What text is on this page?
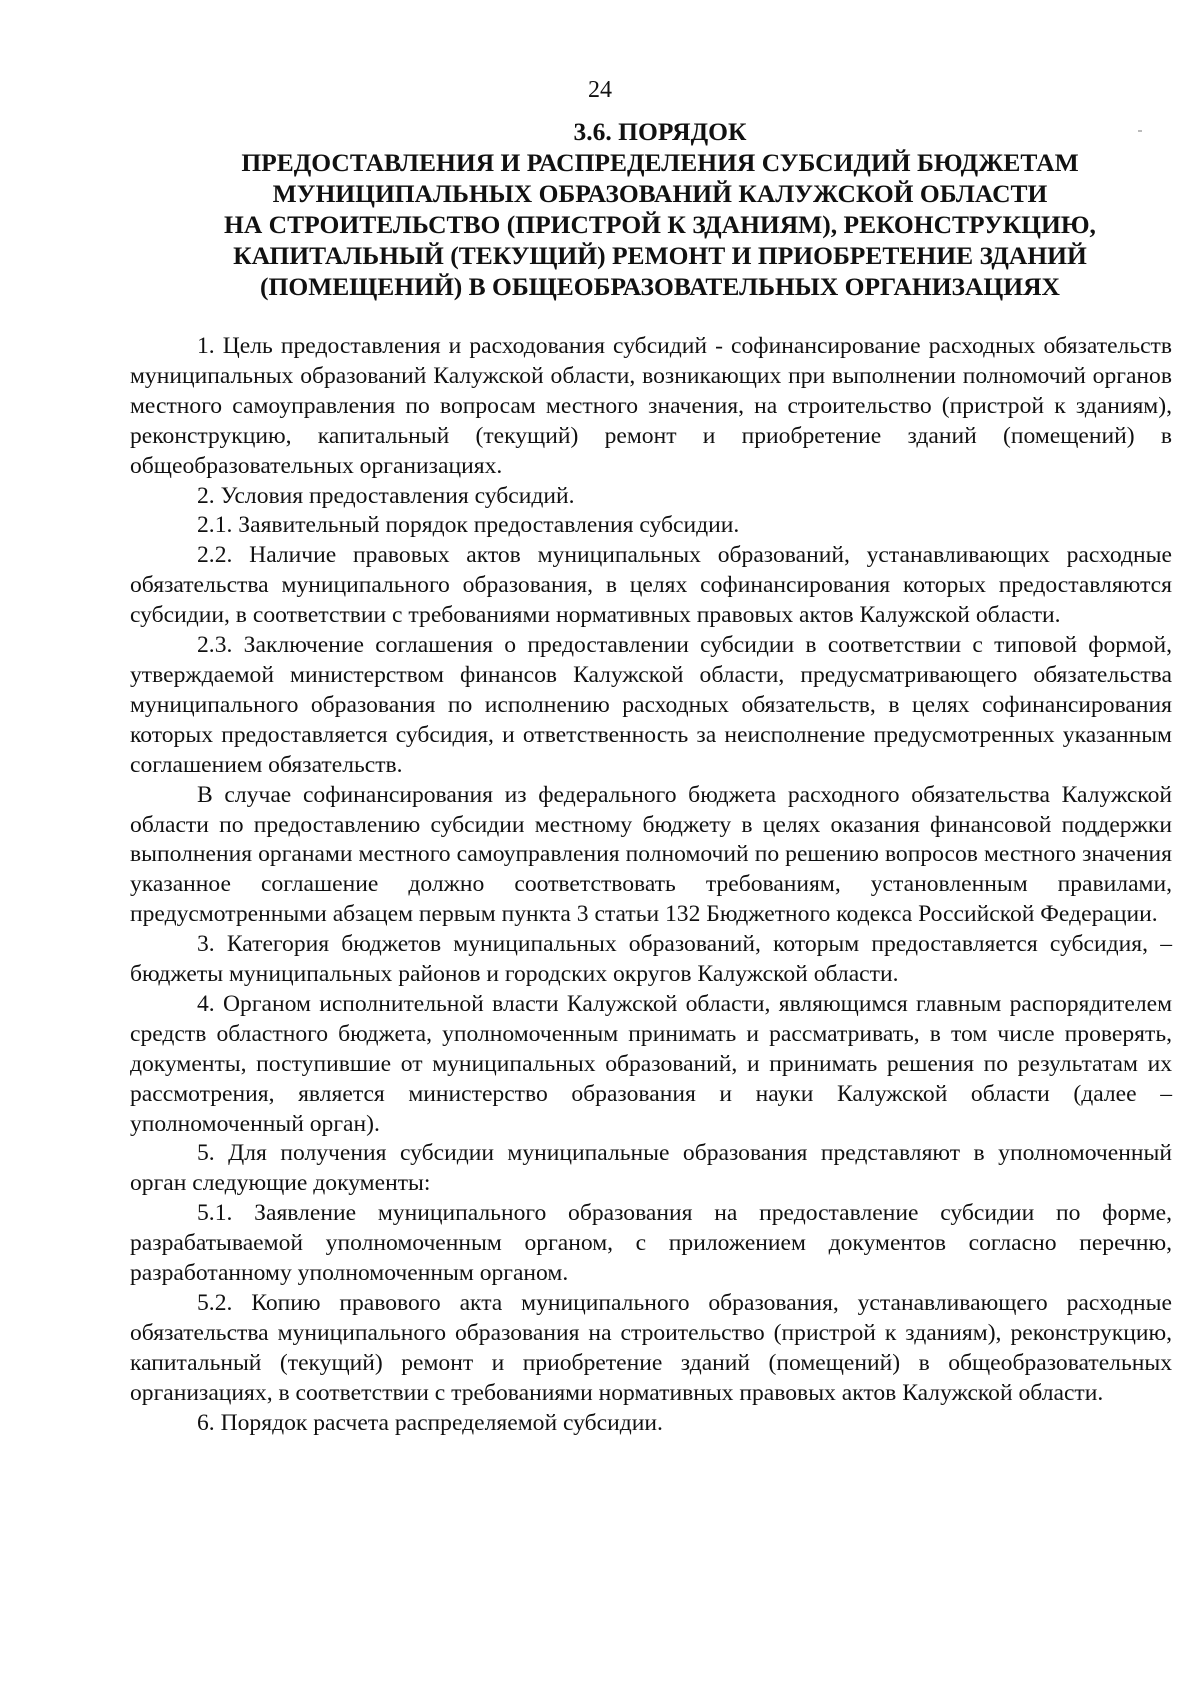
24
3.6. ПОРЯДОК
ПРЕДОСТАВЛЕНИЯ И РАСПРЕДЕЛЕНИЯ СУБСИДИЙ БЮДЖЕТАМ
МУНИЦИПАЛЬНЫХ ОБРАЗОВАНИЙ КАЛУЖСКОЙ ОБЛАСТИ
НА СТРОИТЕЛЬСТВО (ПРИСТРОЙ К ЗДАНИЯМ), РЕКОНСТРУКЦИЮ,
КАПИТАЛЬНЫЙ (ТЕКУЩИЙ) РЕМОНТ И ПРИОБРЕТЕНИЕ ЗДАНИЙ
(ПОМЕЩЕНИЙ) В ОБЩЕОБРАЗОВАТЕЛЬНЫХ ОРГАНИЗАЦИЯХ

1. Цель предоставления и расходования субсидий - софинансирование расходных обязательств муниципальных образований Калужской области, возникающих при выполнении полномочий органов местного самоуправления по вопросам местного значения, на строительство (пристрой к зданиям), реконструкцию, капитальный (текущий) ремонт и приобретение зданий (помещений) в общеобразовательных организациях.

2. Условия предоставления субсидий.

2.1. Заявительный порядок предоставления субсидии.

2.2. Наличие правовых актов муниципальных образований, устанавливающих расходные обязательства муниципального образования, в целях софинансирования которых предоставляются субсидии, в соответствии с требованиями нормативных правовых актов Калужской области.

2.3. Заключение соглашения о предоставлении субсидии в соответствии с типовой формой, утверждаемой министерством финансов Калужской области, предусматривающего обязательства муниципального образования по исполнению расходных обязательств, в целях софинансирования которых предоставляется субсидия, и ответственность за неисполнение предусмотренных указанным соглашением обязательств.

В случае софинансирования из федерального бюджета расходного обязательства Калужской области по предоставлению субсидии местному бюджету в целях оказания финансовой поддержки выполнения органами местного самоуправления полномочий по решению вопросов местного значения указанное соглашение должно соответствовать требованиям, установленным правилами, предусмотренными абзацем первым пункта 3 статьи 132 Бюджетного кодекса Российской Федерации.

3. Категория бюджетов муниципальных образований, которым предоставляется субсидия, – бюджеты муниципальных районов и городских округов Калужской области.

4. Органом исполнительной власти Калужской области, являющимся главным распорядителем средств областного бюджета, уполномоченным принимать и рассматривать, в том числе проверять, документы, поступившие от муниципальных образований, и принимать решения по результатам их рассмотрения, является министерство образования и науки Калужской области (далее – уполномоченный орган).

5. Для получения субсидии муниципальные образования представляют в уполномоченный орган следующие документы:

5.1. Заявление муниципального образования на предоставление субсидии по форме, разрабатываемой уполномоченным органом, с приложением документов согласно перечню, разработанному уполномоченным органом.

5.2. Копию правового акта муниципального образования, устанавливающего расходные обязательства муниципального образования на строительство (пристрой к зданиям), реконструкцию, капитальный (текущий) ремонт и приобретение зданий (помещений) в общеобразовательных организациях, в соответствии с требованиями нормативных правовых актов Калужской области.

6. Порядок расчета распределяемой субсидии.
